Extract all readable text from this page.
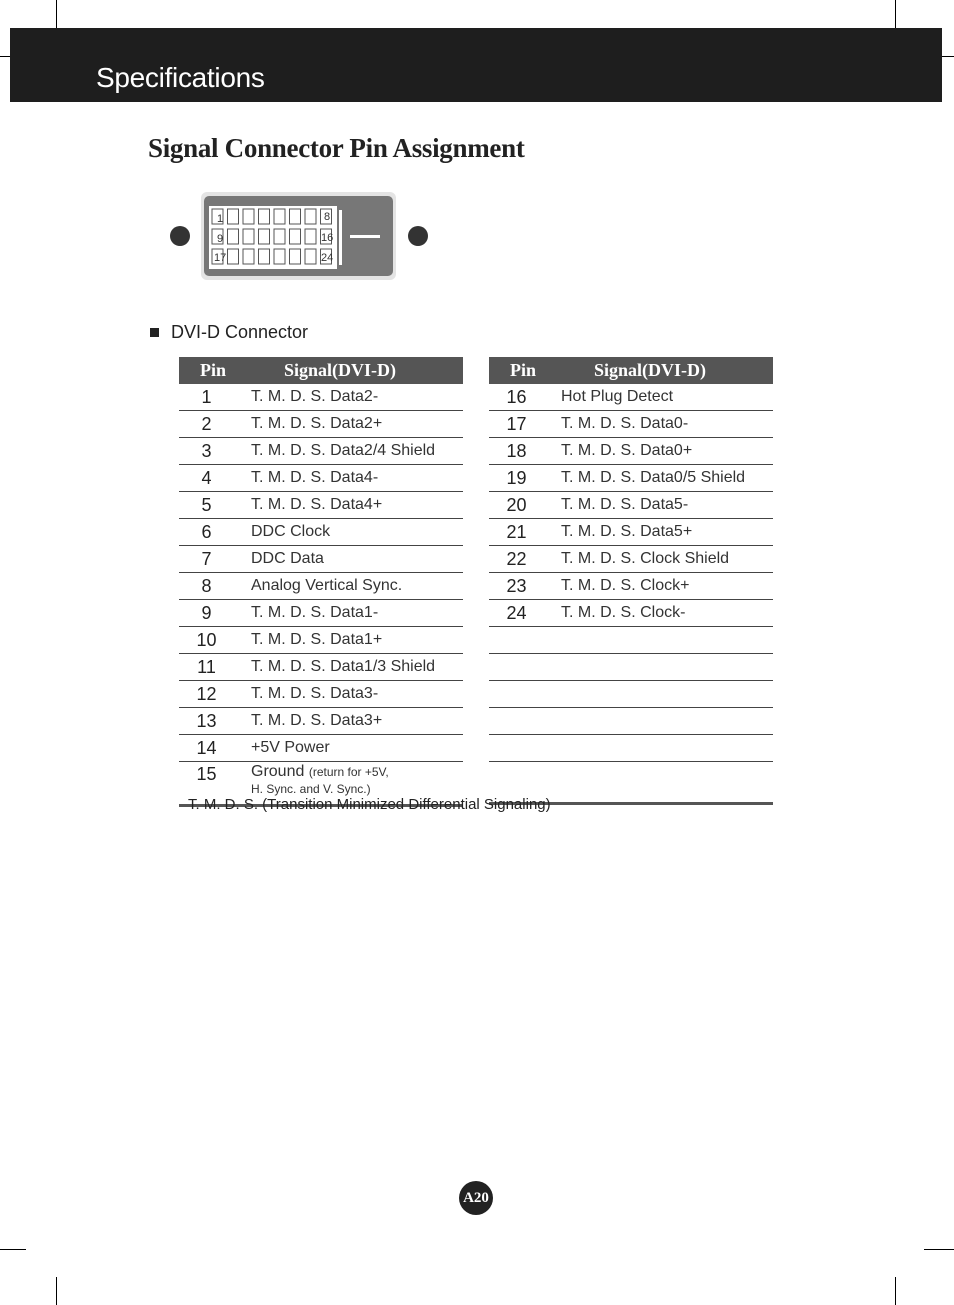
Specifications
Signal Connector Pin Assignment
1	8
9	16
17	24
DVI-D Connector
Pin	Signal(DVI-D)
1	T. M. D. S. Data2-
2	T. M. D. S. Data2+
3	T. M. D. S. Data2/4 Shield
4	T. M. D. S. Data4-
5	T. M. D. S. Data4+
6	DDC Clock
7	DDC Data
8	Analog Vertical Sync.
9	T. M. D. S. Data1-
10	T. M. D. S. Data1+
11	T. M. D. S. Data1/3 Shield
12	T. M. D. S. Data3-
13	T. M. D. S. Data3+
14	+5V Power
15	Ground (return for +5V,
H. Sync. and V. Sync.)
Pin	Signal(DVI-D)
16	Hot Plug Detect
17	T. M. D. S. Data0-
18	T. M. D. S. Data0+
19	T. M. D. S. Data0/5 Shield
20	T. M. D. S. Data5-
21	T. M. D. S. Data5+
22	T. M. D. S. Clock Shield
23	T. M. D. S. Clock+
24	T. M. D. S. Clock-
T. M. D. S. (Transition Minimized Differential Signaling)
A20
